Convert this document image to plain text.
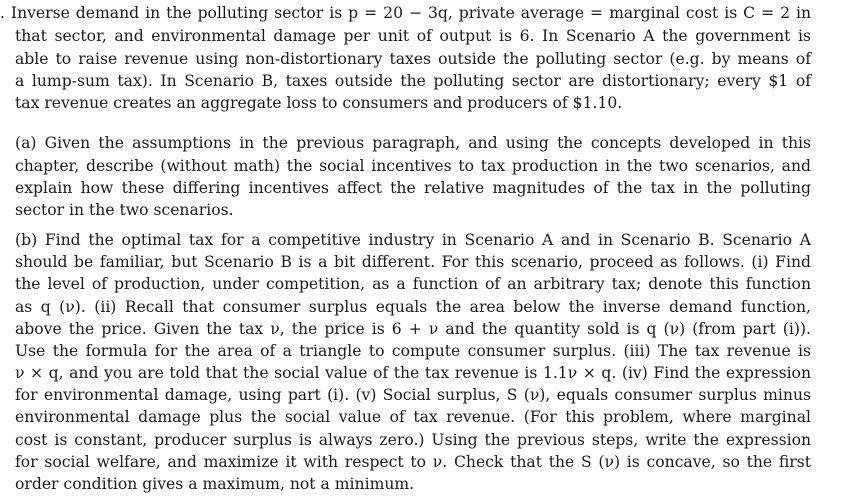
. Inverse demand in the polluting sector is p = 20 − 3q, private average = marginal cost is C = 2 in
that sector, and environmental damage per unit of output is 6. In Scenario A the government is
able to raise revenue using non-distortionary taxes outside the polluting sector (e.g. by means of
a lump-sum tax). In Scenario B, taxes outside the polluting sector are distortionary; every $1 of
tax revenue creates an aggregate loss to consumers and producers of $1.10.
(a) Given the assumptions in the previous paragraph, and using the concepts developed in this
chapter, describe (without math) the social incentives to tax production in the two scenarios, and
explain how these differing incentives affect the relative magnitudes of the tax in the polluting
sector in the two scenarios.
(b) Find the optimal tax for a competitive industry in Scenario A and in Scenario B. Scenario A
should be familiar, but Scenario B is a bit different. For this scenario, proceed as follows. (i) Find
the level of production, under competition, as a function of an arbitrary tax; denote this function
as q (ν). (ii) Recall that consumer surplus equals the area below the inverse demand function,
above the price. Given the tax ν, the price is 6 + ν and the quantity sold is q (ν) (from part (i)).
Use the formula for the area of a triangle to compute consumer surplus. (iii) The tax revenue is
ν × q, and you are told that the social value of the tax revenue is 1.1ν × q. (iv) Find the expression
for environmental damage, using part (i). (v) Social surplus, S (ν), equals consumer surplus minus
environmental damage plus the social value of tax revenue. (For this problem, where marginal
cost is constant, producer surplus is always zero.) Using the previous steps, write the expression
for social welfare, and maximize it with respect to ν. Check that the S (ν) is concave, so the first
order condition gives a maximum, not a minimum.
